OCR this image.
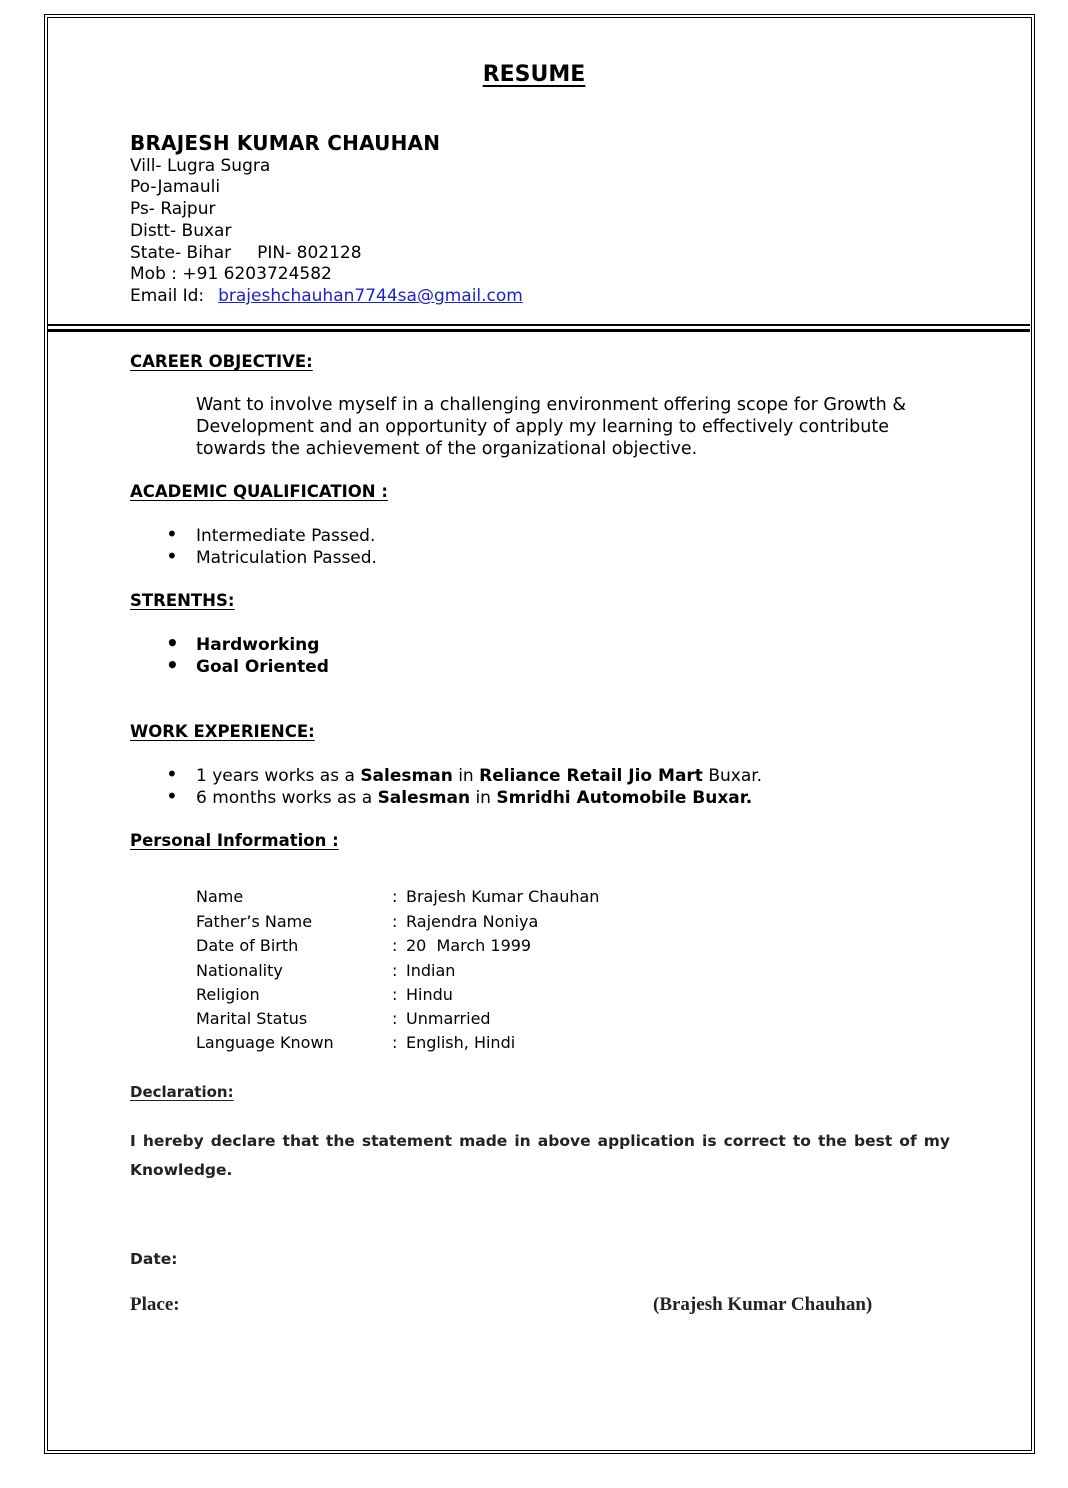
RESUME
BRAJESH KUMAR CHAUHAN
Vill- Lugra Sugra
Po-Jamauli
Ps- Rajpur
Distt- Buxar
State- Bihar PIN- 802128
Mob : +91 6203724582
Email Id: brajeshchauhan7744sa@gmail.com
CAREER OBJECTIVE:
Want to involve myself in a challenging environment offering scope for Growth & Development and an opportunity of apply my learning to effectively contribute towards the achievement of the organizational objective.
ACADEMIC QUALIFICATION :
• Intermediate Passed.
• Matriculation Passed.
STRENTHS:
• Hardworking
• Goal Oriented
WORK EXPERIENCE:
• 1 years works as a Salesman in Reliance Retail Jio Mart Buxar.
• 6 months works as a Salesman in Smridhi Automobile Buxar.
Personal Information :
Name	: Brajesh Kumar Chauhan
Father’s Name	: Rajendra Noniya
Date of Birth	: 20  March 1999
Nationality	: Indian
Religion	: Hindu
Marital Status	: Unmarried
Language Known	: English, Hindi
Declaration:
I hereby declare that the statement made in above application is correct to the best of my Knowledge.
Date:
Place:	(Brajesh Kumar Chauhan)
